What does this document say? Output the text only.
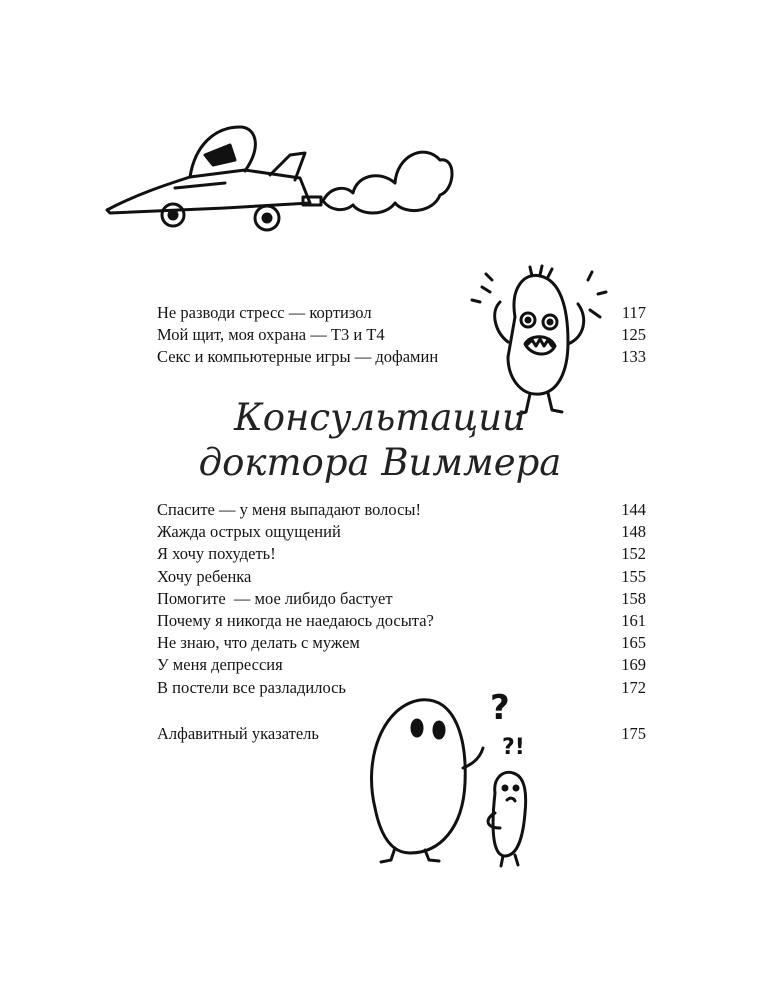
?
?!
Не разводи стресс — кортизол	117
Мой щит, моя охрана — Т3 и Т4	125
Секс и компьютерные игры — дофамин	133
Консультации
доктора Виммера
Спасите — у меня выпадают волосы!	144
Жажда острых ощущений	148
Я хочу похудеть!	152
Хочу ребенка	155
Помогите  — мое либидо бастует	158
Почему я никогда не наедаюсь досыта?	161
Не знаю, что делать с мужем	165
У меня депрессия	169
В постели все разладилось	172
Алфавитный указатель	175
